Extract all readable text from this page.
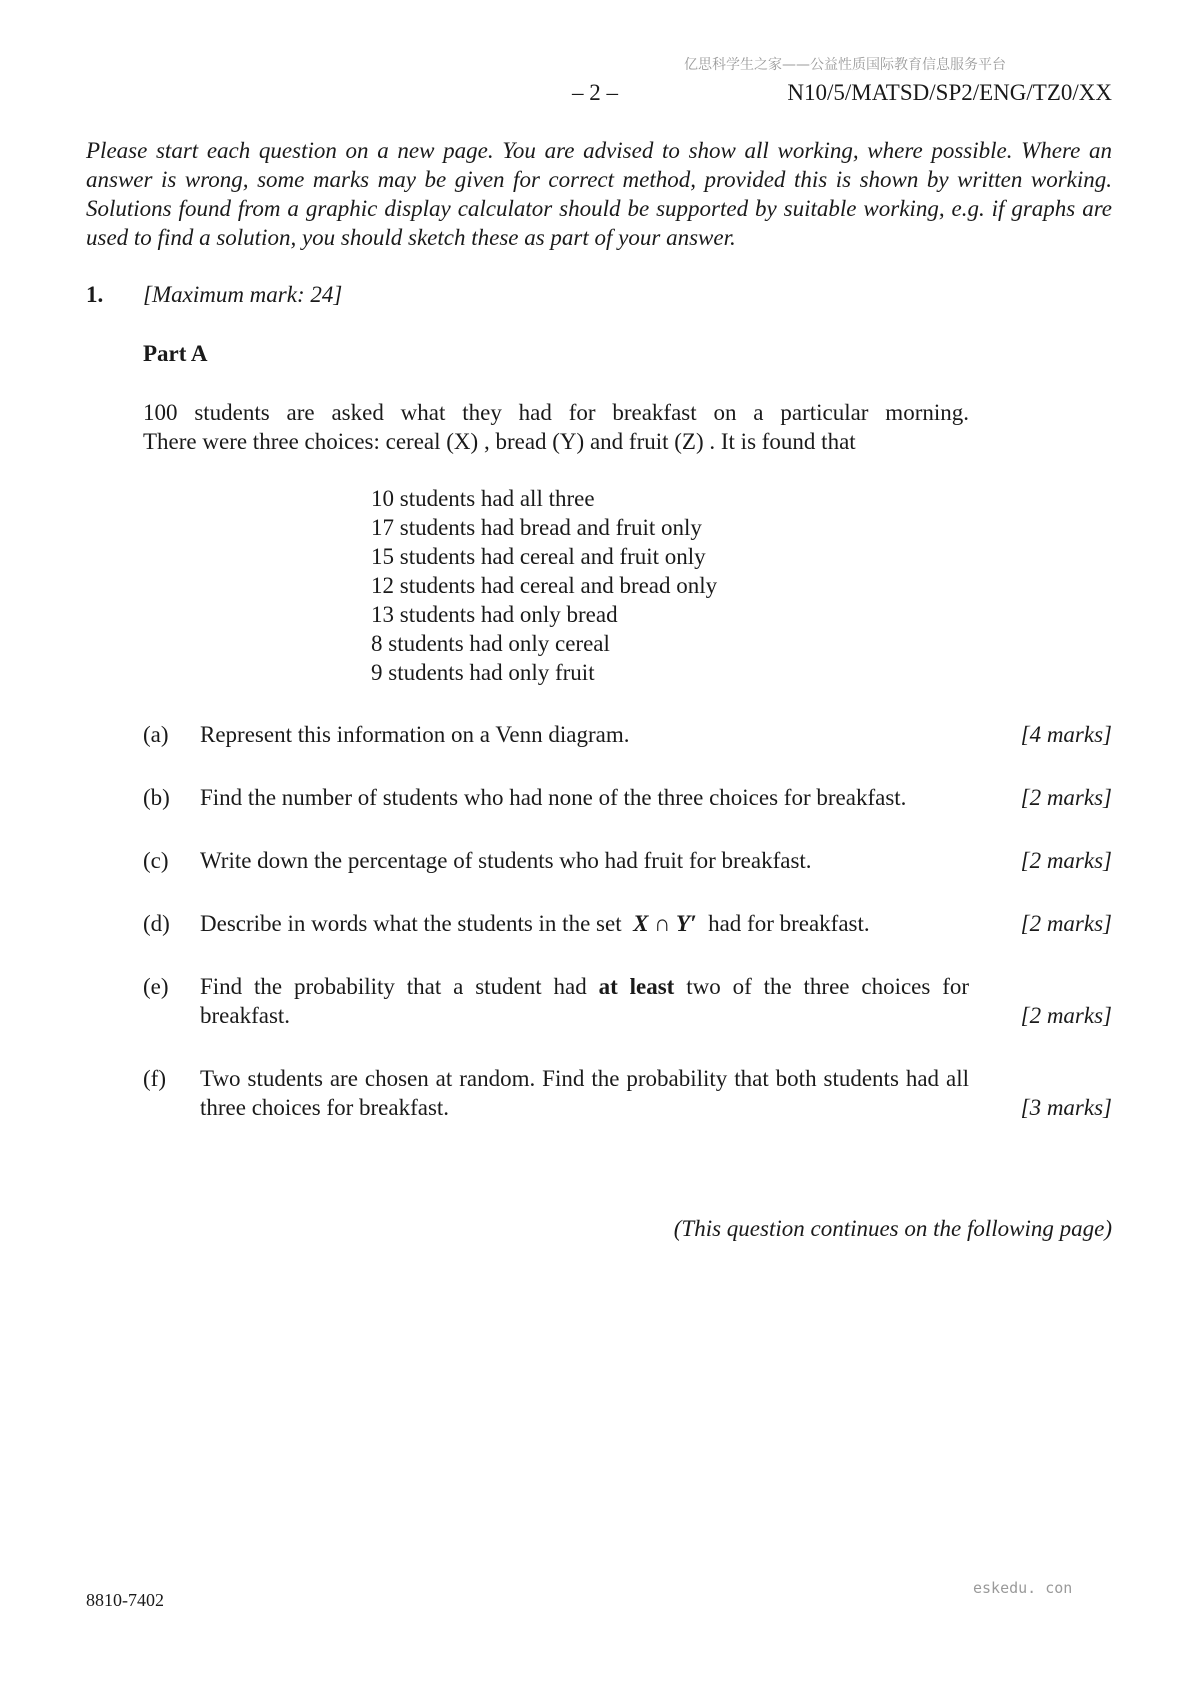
亿思科学生之家——公益性质国际教育信息服务平台
– 2 –	N10/5/MATSD/SP2/ENG/TZ0/XX

Please start each question on a new page. You are advised to show all working, where possible. Where an answer is wrong, some marks may be given for correct method, provided this is shown by written working. Solutions found from a graphic display calculator should be supported by suitable working, e.g. if graphs are used to find a solution, you should sketch these as part of your answer.

1. [Maximum mark: 24]
Part A
100 students are asked what they had for breakfast on a particular morning.
There were three choices: cereal (X) , bread (Y) and fruit (Z) . It is found that
10 students had all three
17 students had bread and fruit only
15 students had cereal and fruit only
12 students had cereal and bread only
13 students had only bread
8 students had only cereal
9 students had only fruit
(a) Represent this information on a Venn diagram.	[4 marks]
(b) Find the number of students who had none of the three choices for breakfast.	[2 marks]
(c) Write down the percentage of students who had fruit for breakfast.	[2 marks]
(d) Describe in words what the students in the set X ∩ Y′ had for breakfast.	[2 marks]
(e) Find the probability that a student had at least two of the three choices for breakfast.	[2 marks]
(f) Two students are chosen at random. Find the probability that both students had all three choices for breakfast.	[3 marks]
(This question continues on the following page)
eskedu. con
8810-7402
